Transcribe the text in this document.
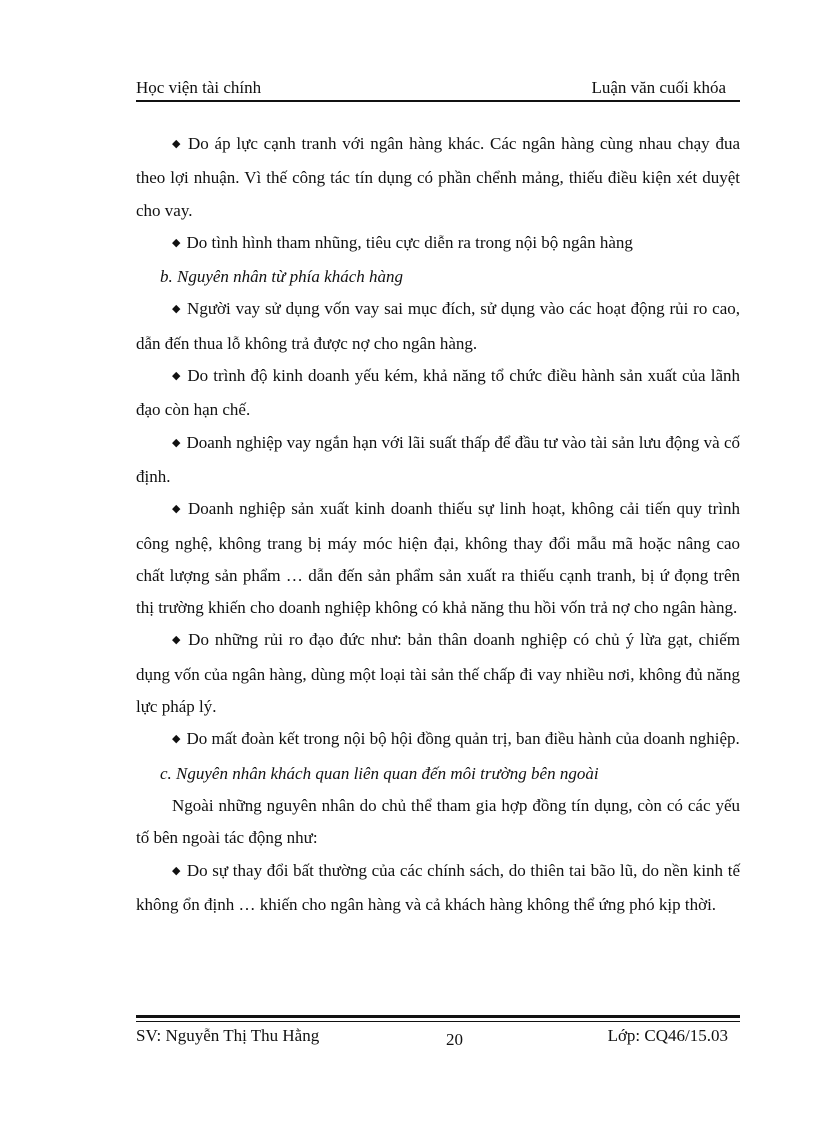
Học viện tài chính	Luận văn cuối khóa

◆ Do áp lực cạnh tranh với ngân hàng khác. Các ngân hàng cùng nhau chạy đua theo lợi nhuận. Vì thế công tác tín dụng có phần chểnh mảng, thiếu điều kiện xét duyệt cho vay.

◆ Do tình hình tham nhũng, tiêu cực diễn ra trong nội bộ ngân hàng

b. Nguyên nhân từ phía khách hàng

◆ Người vay sử dụng vốn vay sai mục đích, sử dụng vào các hoạt động rủi ro cao, dẫn đến thua lỗ không trả được nợ cho ngân hàng.

◆ Do trình độ kinh doanh yếu kém, khả năng tổ chức điều hành sản xuất của lãnh đạo còn hạn chế.

◆ Doanh nghiệp vay ngắn hạn với lãi suất thấp để đầu tư vào tài sản lưu động và cố định.

◆ Doanh nghiệp sản xuất kinh doanh thiếu sự linh hoạt, không cải tiến quy trình công nghệ, không trang bị máy móc hiện đại, không thay đổi mẫu mã hoặc nâng cao chất lượng sản phẩm … dẫn đến sản phẩm sản xuất ra thiếu cạnh tranh, bị ứ đọng trên thị trường khiến cho doanh nghiệp không có khả năng thu hồi vốn trả nợ cho ngân hàng.

◆ Do những rủi ro đạo đức như: bản thân doanh nghiệp có chủ ý lừa gạt, chiếm dụng vốn của ngân hàng, dùng một loại tài sản thế chấp đi vay nhiều nơi, không đủ năng lực pháp lý.

◆ Do mất đoàn kết trong nội bộ hội đồng quản trị, ban điều hành của doanh nghiệp.

c. Nguyên nhân khách quan liên quan đến môi trường bên ngoài

Ngoài những nguyên nhân do chủ thể tham gia hợp đồng tín dụng, còn có các yếu tố bên ngoài tác động như:

◆ Do sự thay đổi bất thường của các chính sách, do thiên tai bão lũ, do nền kinh tế không ổn định … khiến cho ngân hàng và cả khách hàng không thể ứng phó kịp thời.

SV: Nguyễn Thị Thu Hằng	20	Lớp: CQ46/15.03
